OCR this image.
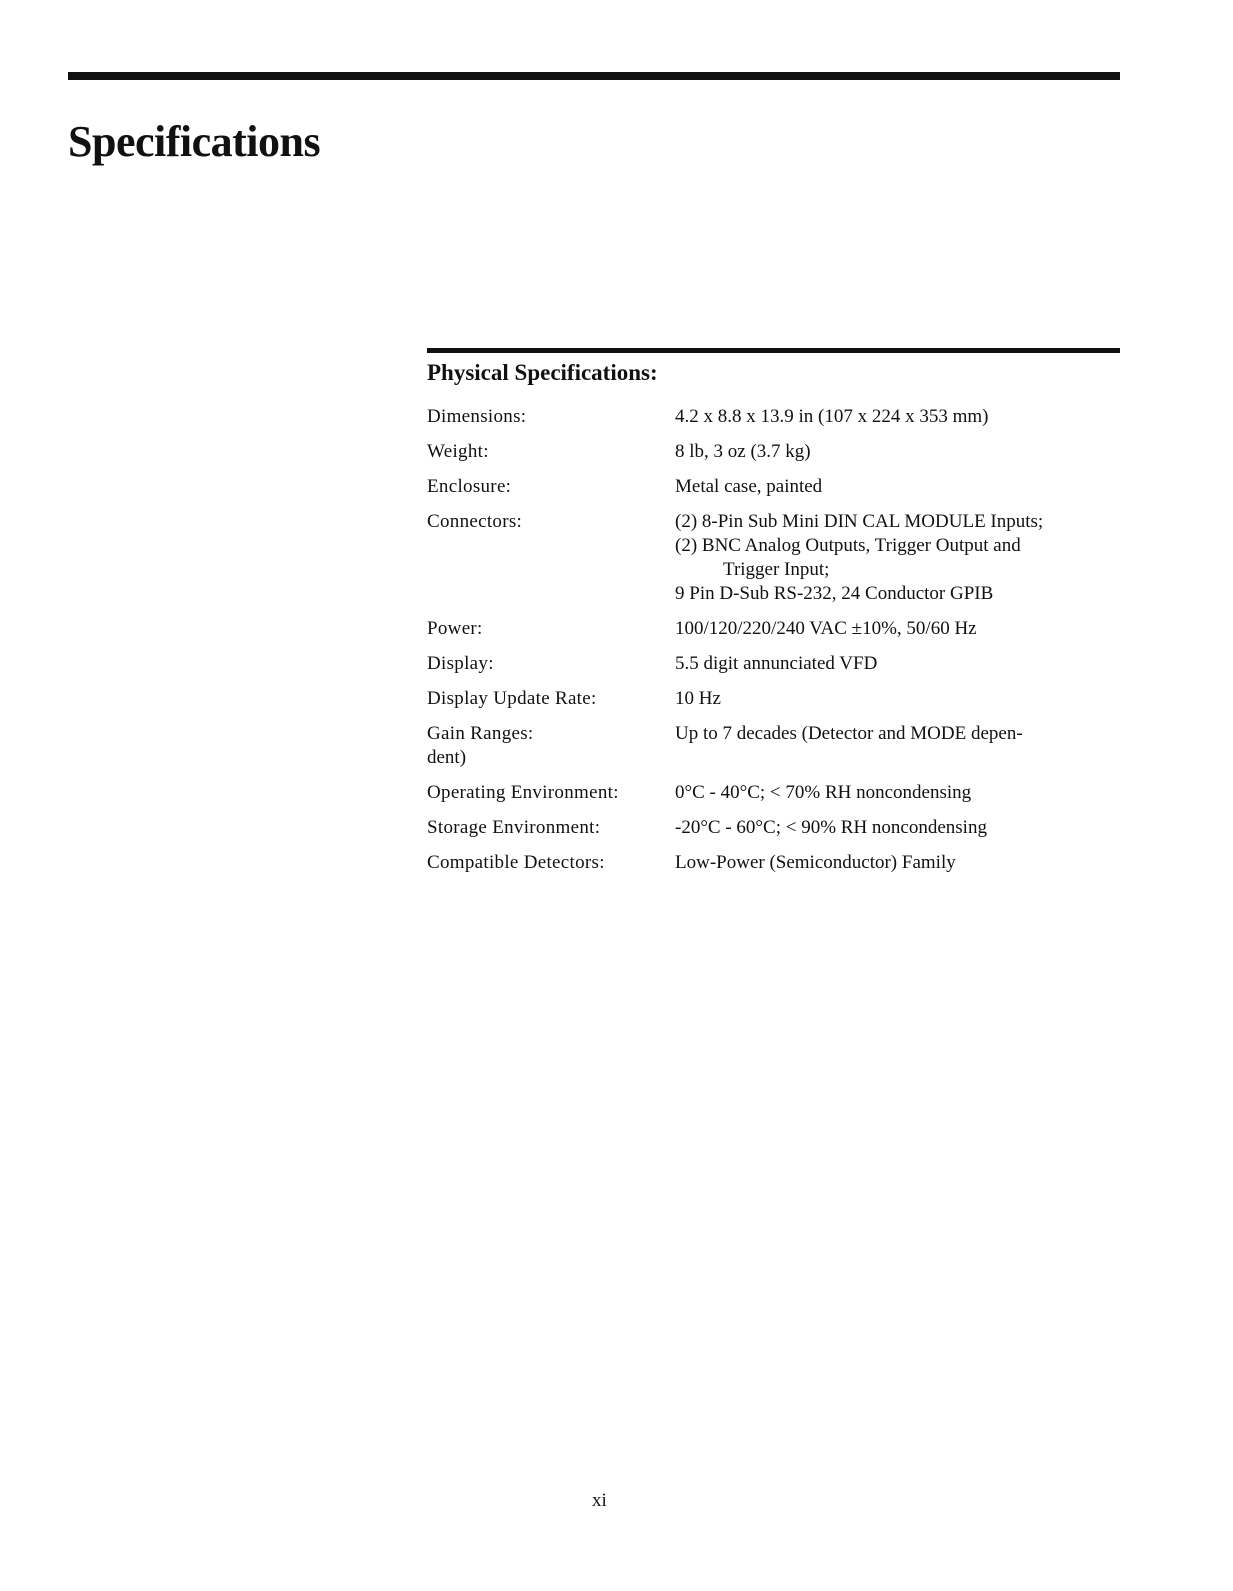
Specifications
Physical Specifications:
Dimensions:	4.2 x 8.8 x 13.9 in (107 x 224 x 353 mm)
Weight:	8 lb, 3 oz (3.7 kg)
Enclosure:	Metal case, painted
Connectors:	(2) 8-Pin Sub Mini DIN CAL MODULE Inputs;
(2) BNC Analog Outputs, Trigger Output and
Trigger Input;
9 Pin D-Sub RS-232, 24 Conductor GPIB
Power:	100/120/220/240 VAC ±10%, 50/60 Hz
Display:	5.5 digit annunciated VFD
Display Update Rate:	10 Hz
Gain Ranges:	Up to 7 decades (Detector and MODE depen-
dent)
Operating Environment:	0°C - 40°C; < 70% RH noncondensing
Storage Environment:	-20°C - 60°C; < 90% RH noncondensing
Compatible Detectors:	Low-Power (Semiconductor) Family
xi
